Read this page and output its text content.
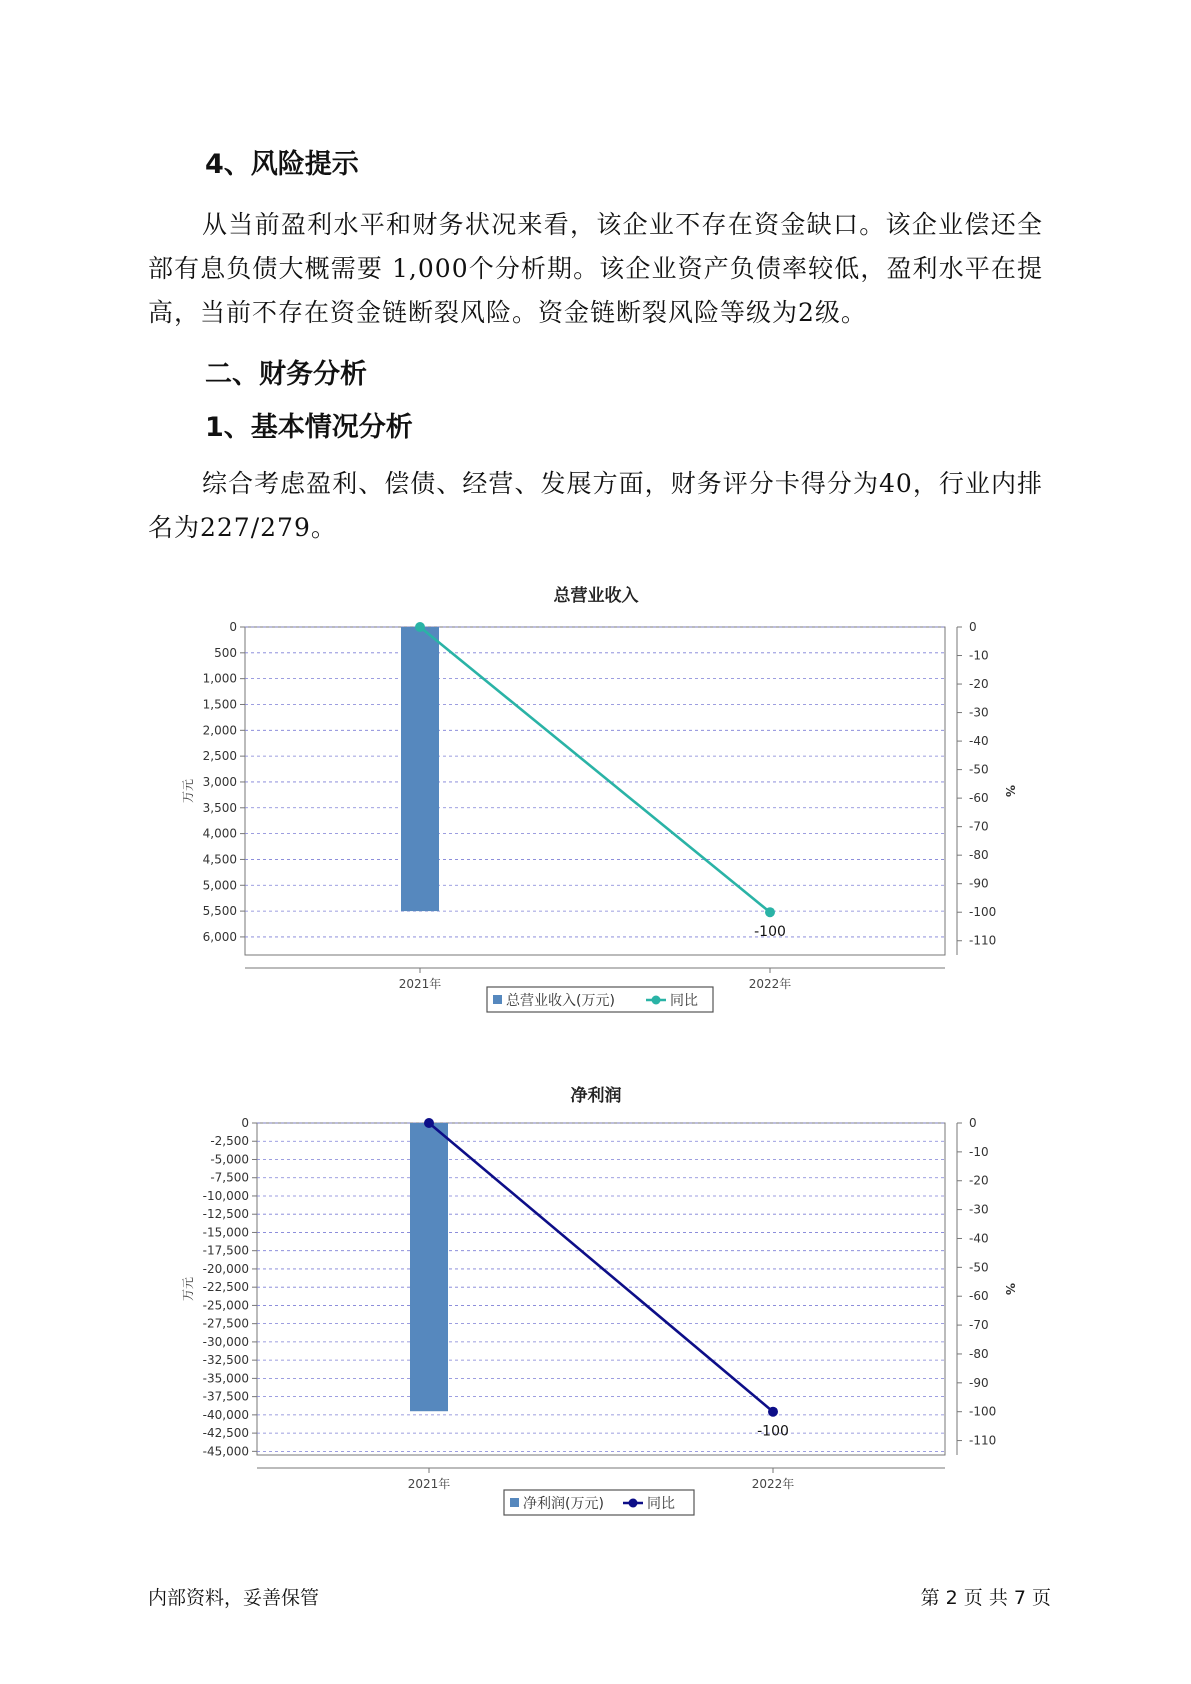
4、风险提示

从当前盈利水平和财务状况来看，该企业不存在资金缺口。该企业偿还全部有息负债大概需要 1,000个分析期。该企业资产负债率较低，盈利水平在提高，当前不存在资金链断裂风险。资金链断裂风险等级为2级。

二、财务分析
1、基本情况分析

综合考虑盈利、偿债、经营、发展方面，财务评分卡得分为40，行业内排名为227/279。

总营业收入
0
500
1,000
1,500
2,000
2,500
3,000
3,500
4,000
4,500
5,000
5,500
6,000
0
-10
-20
-30
-40
-50
-60
-70
-80
-90
-100
-110
万元	%
2021年	2022年
-100
总营业收入(万元)	同比
净利润
0
-2,500
-5,000
-7,500
-10,000
-12,500
-15,000
-17,500
-20,000
-22,500
-25,000
-27,500
-30,000
-32,500
-35,000
-37,500
-40,000
-42,500
-45,000
0
-10
-20
-30
-40
-50
-60
-70
-80
-90
-100
-110
万元	%
2021年	2022年
-100
净利润(万元)	同比
内部资料，妥善保管	第 2 页 共 7 页
